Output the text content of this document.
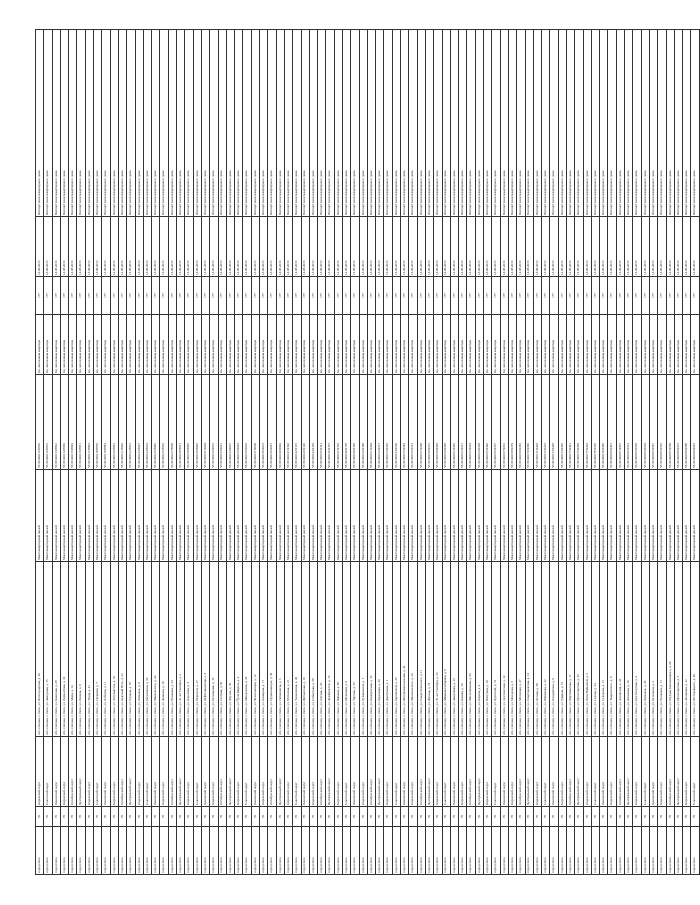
город Омск	70	Кировский округ	обл. Омская, г. Омск, ул. Волгоградская, д. 20	Многоквартирный жилой	55:36:040112:8810	Кв. заселенная квартира	177	14.08.2016	Паспорт многоквартирного дома
город Омск	70	Советский округ	обл. Омская, г. Омск, ул. Заводская, д. 15	Многоквартирный жилой	55:36:040112:8815	Кв. заселенная квартира	177	14.08.2016	Паспорт многоквартирного дома
город Омск	70	Ленинский округ	обл. Омская, г. Омск, ул. Киевская, д. 28	Многоквартирный жилой	55:36:040113:8822	Кв. заселенная квартира	177	14.08.2016	Паспорт многоквартирного дома
город Омск	70	Кировский округ	обл. Омская, г. Омск, ул. Лермонтова, д. 32	Многоквартирный жилой	55:36:040114:8830	Кв. заселенная квартира	177	14.08.2016	Паспорт многоквартирного дома
город Омск	70	Октябрьский округ	обл. Омская, г. Омск, ул. Мира, д. 14	Многоквартирный жилой	55:36:040115:8844	Кв. заселенная квартира	177	14.08.2016	Паспорт многоквартирного дома
город Омск	70	Центральный округ	обл. Омская, г. Омск, ул. Ленина, д. 9	Многоквартирный жилой	55:36:040116:8851	Кв. заселенная квартира	177	14.08.2016	Паспорт многоквартирного дома
город Омск	70	Кировский округ	обл. Омская, г. Омск, ул. Труда, д. 41	Многоквартирный жилой	55:36:040117:8863	Кв. заселенная квартира	177	14.08.2016	Паспорт многоквартирного дома
город Омск	70	Советский округ	обл. Омская, г. Омск, ул. Гагарина, д. 7	Многоквартирный жилой	55:36:040118:8870	Кв. заселенная квартира	177	14.08.2016	Паспорт многоквартирного дома
город Омск	70	Ленинский округ	обл. Омская, г. Омск, ул. Лобкова, д. 11	Многоквартирный жилой	55:36:040119:8884	Кв. заселенная квартира	177	14.08.2016	Паспорт многоквартирного дома
город Омск	70	Кировский округ	обл. Омская, г. Омск, ул. Энтузиастов, д. 53	Многоквартирный жилой	55:36:040120:8891	Кв. заселенная квартира	177	14.08.2016	Паспорт многоквартирного дома
город Омск	70	Октябрьский округ	обл. Омская, г. Омск, ул. Красный Путь, д. 22	Многоквартирный жилой	55:36:040121:8902	Кв. заселенная квартира	177	14.08.2016	Паспорт многоквартирного дома
город Омск	70	Центральный округ	обл. Омская, г. Омск, ул. Герцена, д. 18	Многоквартирный жилой	55:36:040122:8915	Кв. заселенная квартира	177	14.08.2016	Паспорт многоквартирного дома
город Омск	70	Кировский округ	обл. Омская, г. Омск, ул. Химиков, д. 6	Многоквартирный жилой	55:36:040123:8927	Кв. заселенная квартира	177	14.08.2016	Паспорт многоквартирного дома
город Омск	70	Советский округ	обл. Омская, г. Омск, ул. Багратиона, д. 30	Многоквартирный жилой	55:36:040124:8933	Кв. заселенная квартира	177	14.08.2016	Паспорт многоквартирного дома
город Омск	70	Ленинский округ	обл. Омская, г. Омск, ул. Маяковского, д. 44	Многоквартирный жилой	55:36:040125:8946	Кв. заселенная квартира	177	14.08.2016	Паспорт многоквартирного дома
город Омск	70	Кировский округ	обл. Омская, г. Омск, ул. Дианова, д. 19	Многоквартирный жилой	55:36:040126:8952	Кв. заселенная квартира	177	14.08.2016	Паспорт многоквартирного дома
город Омск	70	Октябрьский округ	обл. Омская, г. Омск, ул. Пушкина, д. 63	Многоквартирный жилой	55:36:040127:8968	Кв. заселенная квартира	177	14.08.2016	Паспорт многоквартирного дома
город Омск	70	Центральный округ	обл. Омская, г. Омск, ул. 10 лет Октября, д. 2	Многоквартирный жилой	55:36:040128:8971	Кв. заселенная квартира	177	14.08.2016	Паспорт многоквартирного дома
город Омск	70	Кировский округ	обл. Омская, г. Омск, ул. Королёва, д. 5	Многоквартирный жилой	55:36:040129:8985	Кв. заселенная квартира	177	14.08.2016	Паспорт многоквартирного дома
город Омск	70	Советский округ	обл. Омская, г. Омск, ул. Перелета, д. 27	Многоквартирный жилой	55:36:040130:8993	Кв. заселенная квартира	177	14.08.2016	Паспорт многоквартирного дома
город Омск	70	Ленинский округ	обл. Омская, г. Омск, ул. Нефтезаводская, д. 8	Многоквартирный жилой	55:36:040131:9004	Кв. заселенная квартира	177	14.08.2016	Паспорт многоквартирного дома
город Омск	70	Кировский округ	обл. Омская, г. Омск, ул. Бульварная, д. 13	Многоквартирный жилой	55:36:040132:9016	Кв. заселенная квартира	177	14.08.2016	Паспорт многоквартирного дома
город Омск	70	Октябрьский округ	обл. Омская, г. Омск, ул. Степная, д. 50	Многоквартирный жилой	55:36:040133:9021	Кв. заселенная квартира	177	14.08.2016	Паспорт многоквартирного дома
город Омск	70	Центральный округ	обл. Омская, г. Омск, ул. Фрунзе, д. 36	Многоквартирный жилой	55:36:040134:9037	Кв. заселенная квартира	177	14.08.2016	Паспорт многоквартирного дома
город Омск	70	Кировский округ	обл. Омская, г. Омск, ул.카рла Маркса, д. 4	Многоквартирный жилой	55:36:040135:9045	Кв. заселенная квартира	177	14.08.2016	Паспорт многоквартирного дома
город Омск	70	Советский округ	обл. Омская, г. Омск, ул. Менделеева, д. 24	Многоквартирный жилой	55:36:040136:9052	Кв. заселенная квартира	177	14.08.2016	Паспорт многоквартирного дома
город Омск	70	Ленинский округ	обл. Омская, г. Омск, ул. Челюскинцев, д. 12	Многоквартирный жилой	55:36:040137:9068	Кв. заселенная квартира	177	14.08.2016	Паспорт многоквартирного дома
город Омск	70	Кировский округ	обл. Омская, г. Омск, ул. Комарова, д. 17	Многоквартирный жилой	55:36:040138:9073	Кв. заселенная квартира	177	14.08.2016	Паспорт многоквартирного дома
город Омск	70	Октябрьский округ	обл. Омская, г. Омск, ул. Орджоникидзе, д. 39	Многоквартирный жилой	55:36:040139:9081	Кв. заселенная квартира	177	14.08.2016	Паспорт многоквартирного дома
город Омск	70	Центральный округ	обл. Омская, г. Омск, ул. Рабиновича, д. 3	Многоквартирный жилой	55:36:040140:9094	Кв. заселенная квартира	177	14.08.2016	Паспорт многоквартирного дома
город Омск	70	Кировский округ	обл. Омская, г. Омск, ул. Путилова, д. 21	Многоквартирный жилой	55:36:040141:9102	Кв. заселенная квартира	177	14.08.2016	Паспорт многоквартирного дома
город Омск	70	Советский округ	обл. Омская, г. Омск, ул. Талалихина, д. 46	Многоквартирный жилой	55:36:040142:9115	Кв. заселенная квартира	177	14.08.2016	Паспорт многоквартирного дома
город Омск	70	Ленинский округ	обл. Омская, г. Омск, ул. Иртышская, д. 10	Многоквартирный жилой	55:36:040143:9120	Кв. заселенная квартира	177	14.08.2016	Паспорт многоквартирного дома
город Омск	70	Кировский округ	обл. Омская, г. Омск, ул. Сибирская, д. 58	Многоквартирный жилой	55:36:040144:9136	Кв. заселенная квартира	177	14.08.2016	Паспорт многоквартирного дома
город Омск	70	Октябрьский округ	обл. Омская, г. Омск, ул. Омская, д. 26	Многоквартирный жилой	55:36:040145:9141	Кв. заселенная квартира	177	14.08.2016	Паспорт многоквартирного дома
город Омск	70	Центральный округ	обл. Омская, г. Омск, ул. Декабристов, д. 15	Многоквартирный жилой	55:36:040146:9157	Кв. заселенная квартира	177	14.08.2016	Паспорт многоквартирного дома
город Омск	70	Кировский округ	обл. Омская, г. Омск, ул. Чапаева, д. 48	Многоквартирный жилой	55:36:040147:9162	Кв. заселенная квартира	177	14.08.2016	Паспорт многоквартирного дома
город Омск	70	Советский округ	обл. Омская, г. Омск, ул. Шукшина, д. 9	Многоквартирный жилой	55:36:040148:9178	Кв. заселенная квартира	177	14.08.2016	Паспорт многоквартирного дома
город Омск	70	Ленинский округ	обл. Омская, г. Омск, ул. Тарская, д. 33	Многоквартирный жилой	55:36:040149:9183	Кв. заселенная квартира	177	14.08.2016	Паспорт многоквартирного дома
город Омск	70	Кировский округ	обл. Омская, г. Омск, ул. Лукашевича, д. 7	Многоквартирный жилой	55:36:040150:9199	Кв. заселенная квартира	177	14.08.2016	Паспорт многоквартирного дома
город Омск	70	Октябрьский округ	обл. Омская, г. Омск, ул. Кемеровская, д. 16	Многоквартирный жилой	55:36:040151:9204	Кв. заселенная квартира	177	14.08.2016	Паспорт многоквартирного дома
город Омск	70	Центральный округ	обл. Омская, г. Омск, ул. Березовая, д. 29	Многоквартирный жилой	55:36:040152:9217	Кв. заселенная квартира	177	14.08.2016	Паспорт многоквартирного дома
город Омск	70	Кировский округ	обл. Омская, г. Омск, ул. Дмитриева, д. 1	Многоквартирный жилой	55:36:040153:9226	Кв. заселенная квартира	177	14.08.2016	Паспорт многоквартирного дома
город Омск	70	Советский округ	обл. Омская, г. Омск, ул. Бархатовой, д. 35	Многоквартирный жилой	55:36:040154:9230	Кв. заселенная квартира	177	14.08.2016	Паспорт многоквартирного дома
город Омск	70	Ленинский округ	обл. Омская, г. Омск, ул. Интернациональная, д. 42	Многоквартирный жилой	55:36:040155:9245	Кв. заселенная квартира	177	14.08.2016	Паспорт многоквартирного дома
город Омск	70	Кировский округ	обл. Омская, г. Омск, ул. Малиновского, д. 20	Многоквартирный жилой	55:36:040156:9251	Кв. заселенная квартира	177	14.08.2016	Паспорт многоквартирного дома
город Омск	70	Октябрьский округ	обл. Омская, г. Омск, ул. Рождественского, д. 11	Многоквартирный жилой	55:36:040157:9268	Кв. заселенная квартира	177	14.08.2016	Паспорт многоквартирного дома
город Омск	70	Центральный округ	обл. Омская, г. Омск, ул. Жукова, д. 74	Многоквартирный жилой	55:36:040158:9272	Кв. заселенная квартира	177	14.08.2016	Паспорт многоквартирного дома
город Омск	70	Кировский округ	обл. Омская, г. Омск, ул. 70 лет Октября, д. 25	Многоквартирный жилой	55:36:040159:9283	Кв. заселенная квартира	177	14.08.2016	Паспорт многоквартирного дома
город Омск	70	Советский округ	обл. Омская, г. Омск, ул. Мамина-Сибиряка, д. 8	Многоквартирный жилой	55:36:040160:9296	Кв. заселенная квартира	177	14.08.2016	Паспорт многоквартирного дома
город Омск	70	Ленинский округ	обл. Омская, г. Омск, ул. Завертяева, д. 13	Многоквартирный жилой	55:36:040161:9305	Кв. заселенная квартира	177	14.08.2016	Паспорт многоквартирного дома
город Омск	70	Кировский округ	обл. Омская, г. Омск, ул. Конева, д. 30	Многоквартирный жилой	55:36:040162:9311	Кв. заселенная квартира	177	14.08.2016	Паспорт многоквартирного дома
город Омск	70	Октябрьский округ	обл. Омская, г. Омск, ул. Масленникова, д. 66	Многоквартирный жилой	55:36:040163:9324	Кв. заселенная квартира	177	14.08.2016	Паспорт многоквартирного дома
город Омск	70	Центральный округ	обл. Омская, г. Омск, ул. Кирова, д. 4	Многоквартирный жилой	55:36:040164:9338	Кв. заселенная квартира	177	14.08.2016	Паспорт многоквартирного дома
город Омск	70	Кировский округ	обл. Омская, г. Омск, ул. Ватутина, д. 19	Многоквартирный жилой	55:36:040165:9340	Кв. заселенная квартира	177	14.08.2016	Паспорт многоквартирного дома
город Омск	70	Советский округ	обл. Омская, г. Омск, ул. Крупской, д. 31	Многоквартирный жилой	55:36:040166:9357	Кв. заселенная квартира	177	14.08.2016	Паспорт многоквартирного дома
город Омск	70	Ленинский округ	обл. Омская, г. Омск, ул. Арктическая, д. 12	Многоквартирный жилой	55:36:040167:9361	Кв. заселенная квартира	177	14.08.2016	Паспорт многоквартирного дома
город Омск	70	Кировский округ	обл. Омская, г. Омск, ул. Молодова, д. 5	Многоквартирный жилой	55:36:040168:9379	Кв. заселенная квартира	177	14.08.2016	Паспорт многоквартирного дома
город Омск	70	Октябрьский округ	обл. Омская, г. Омск, ул. Моторная, д. 27	Многоквартирный жилой	55:36:040169:9382	Кв. заселенная квартира	177	14.08.2016	Паспорт многоквартирного дома
город Омск	70	Центральный округ	обл. Омская, г. Омск, ул. Спартаковская, д. 14	Многоквартирный жилой	55:36:040170:9396	Кв. заселенная квартира	177	14.08.2016	Паспорт многоквартирного дома
город Омск	70	Кировский округ	обл. Омская, г. Омск, ул. Лесная, д. 38	Многоквартирный жилой	55:36:040171:9403	Кв. заселенная квартира	177	14.08.2016	Паспорт многоквартирного дома
город Омск	70	Советский округ	обл. Омская, г. Омск, ул. Нахимова, д. 22	Многоквартирный жилой	55:36:040172:9415	Кв. заселенная квартира	177	14.08.2016	Паспорт многоквартирного дома
город Омск	70	Ленинский округ	обл. Омская, г. Омск, ул. Кондратюка, д. 9	Многоквартирный жилой	55:36:040173:9428	Кв. заселенная квартира	177	14.08.2016	Паспорт многоквартирного дома
город Омск	70	Кировский округ	обл. Омская, г. Омск, ул. Ударная, д. 51	Многоквартирный жилой	55:36:040174:9436	Кв. заселенная квартира	177	14.08.2016	Паспорт многоквартирного дома
город Омск	70	Октябрьский округ	обл. Омская, г. Омск, ул. Партизанская, д. 17	Многоквартирный жилой	55:36:040175:9441	Кв. заселенная квартира	177	14.08.2016	Паспорт многоквартирного дома
город Омск	70	Центральный округ	обл. Омская, г. Омск, ул. Пролетарская, д. 43	Многоквартирный жилой	55:36:040176:9459	Кв. заселенная квартира	177	14.08.2016	Паспорт многоквартирного дома
город Омск	70	Кировский округ	обл. Омская, г. Омск, ул. Лизы Чайкиной, д. 6	Многоквартирный жилой	55:36:040177:9463	Кв. заселенная квартира	177	14.08.2016	Паспорт многоквартирного дома
город Омск	70	Советский округ	обл. Омская, г. Омск, ул. Серова, д. 24	Многоквартирный жилой	55:36:040178:9470	Кв. заселенная квартира	177	14.08.2016	Паспорт многоквартирного дома
город Омск	70	Ленинский округ	обл. Омская, г. Омск, ул. Суворова, д. 15	Многоквартирный жилой	55:36:040179:9486	Кв. заселенная квартира	177	14.08.2016	Паспорт многоквартирного дома
город Омск	70	Кировский округ	обл. Омская, г. Омск, ул. Тварковского, д. 8	Многоквартирный жилой	55:36:040180:9491	Кв. заселенная квартира	177	14.08.2016	Паспорт многоквартирного дома
город Омск	70	Октябрьский округ	обл. Омская, г. Омск, ул. Ангарская, д. 33	Многоквартирный жилой	55:36:040181:9507	Кв. заселенная квартира	177	14.08.2016	Паспорт многоквартирного дома
город Омск	70	Центральный округ	обл. Омская, г. Омск, ул. Яковлева, д. 10	Многоквартирный жилой	55:36:040182:9512	Кв. заселенная квартира	177	14.08.2016	Паспорт многоквартирного дома
город Омск	70	Кировский округ	обл. Омская, г. Омск, ул. Крутогорская, д. 4	Многоквартирный жилой	55:36:040183:9528	Кв. заселенная квартира	177	14.08.2016	Паспорт многоквартирного дома
город Омск	70	Советский округ	обл. Омская, г. Омск, ул. Химиков, д. 45	Многоквартирный жилой	55:36:040184:9534	Кв. заселенная квартира	177	14.08.2016	Паспорт многоквартирного дома
город Омск	70	Ленинский округ	обл. Омская, г. Омск, ул. Бетховена, д. 3	Многоквартирный жилой	55:36:040185:9547	Кв. заселенная квартира	177	14.08.2016	Паспорт многоквартирного дома
город Омск	70	Кировский округ	обл. Омская, г. Омск, ул. Пушкина, д. 71	Многоквартирный жилой	55:36:040186:9553	Кв. заселенная квартира	177	14.08.2016	Паспорт многоквартирного дома
город Омск	70	Октябрьский округ	обл. Омская, г. Омск, ул. Богдана Хмельницкого, д. 28	Многоквартирный жилой	55:36:040187:9569	Кв. заселенная квартира	177	14.08.2016	Паспорт многоквартирного дома
город Омск	70	Центральный округ	обл. Омская, г. Омск, ул. Пролетарская, д. 5	Многоквартирный жилой	55:36:040188:9572	Кв. заселенная квартира	177	14.08.2016	Паспорт многоквартирного дома
город Омск	70	Кировский округ	обл. Омская, г. Омск, ул. Заозерная, д. 12	Многоквартирный жилой	55:36:040189:9588	Кв. заселенная квартира	177	14.08.2016	Паспорт многоквартирного дома
город Омск	70	Советский округ	обл. Омская, г. Омск, ул. Полторацкого, д. 40	Многоквартирный жилой	55:36:040190:9591	Кв. заселенная квартира	177	14.08.2016	Паспорт многоквартирного дома
